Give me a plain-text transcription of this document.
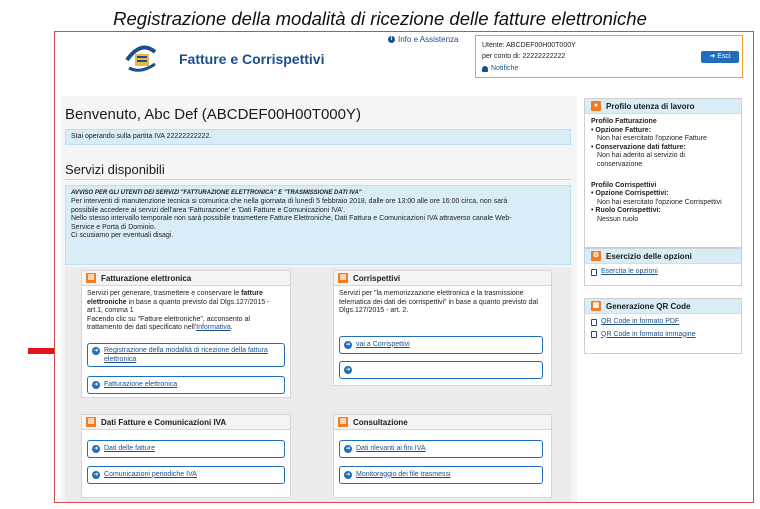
Registrazione della modalità di ricezione delle fatture elettroniche
Fatture e Corrispettivi
i Info e Assistenza
Utente: ABCDEF00H00T000Y
per conto di: 22222222222
Notifiche
➜ Esci
Benvenuto, Abc Def (ABCDEF00H00T000Y)
Stai operando sulla partita IVA 22222222222.
Servizi disponibili
AVVISO PER GLI UTENTI DEI SERVIZI "FATTURAZIONE ELETTRONICA" E "TRASMISSIONE DATI IVA"
Per interventi di manutenzione tecnica si comunica che nella giornata di lunedì 5 febbraio 2018, dalle ore 13:00 alle ore 16:00 circa, non sarà
possibile accedere ai servizi dell'area 'Fatturazione' e 'Dati Fatture e Comunicazioni IVA'.
Nello stesso intervallo temporale non sarà possibile trasmettere Fatture Elettroniche, Dati Fattura e Comunicazioni IVA attraverso canale Web-
Service e Porta di Dominio.
Ci scusiamo per eventuali disagi.
▤ Fatturazione elettronica
Servizi per generare, trasmettere e conservare le fatture elettroniche in base a quanto previsto dal Dlgs.127/2015 - art.1, comma 1
Facendo clic su "Fatture elettroniche", acconsento al trattamento dei dati specificato nell'Informativa.
➜ Registrazione della modalità di ricezione della fattura elettronica
➜ Fatturazione elettronica
▤ Corrispettivi
Servizi per "la memorizzazione elettronica e la trasmissione telematica dei dati dei corrispettivi" in base a quanto previsto dal Dlgs.127/2015 - art. 2.
➜ vai a Corrispettivi
➜
▤ Dati Fatture e Comunicazioni IVA
➜ Dati delle fatture
➜ Comunicazioni periodiche IVA
▤ Consultazione
➜ Dati rilevanti ai fini IVA
➜ Monitoraggio dei file trasmessi
● Profilo utenza di lavoro
Profilo Fatturazione
• Opzione Fatture:
Non hai esercitato l'opzione Fatture
• Conservazione dati fatture:
Non hai aderito al servizio di
conservazione
Profilo Corrispettivi
• Opzione Corrispettivi:
Non hai esercitato l'opzione Corrispettivi
• Ruolo Corrispettivi:
Nessun ruolo
⚙ Esercizio delle opzioni
Esercita le opzioni
▦ Generazione QR Code
QR Code in formato PDF
QR Code in formato immagine
